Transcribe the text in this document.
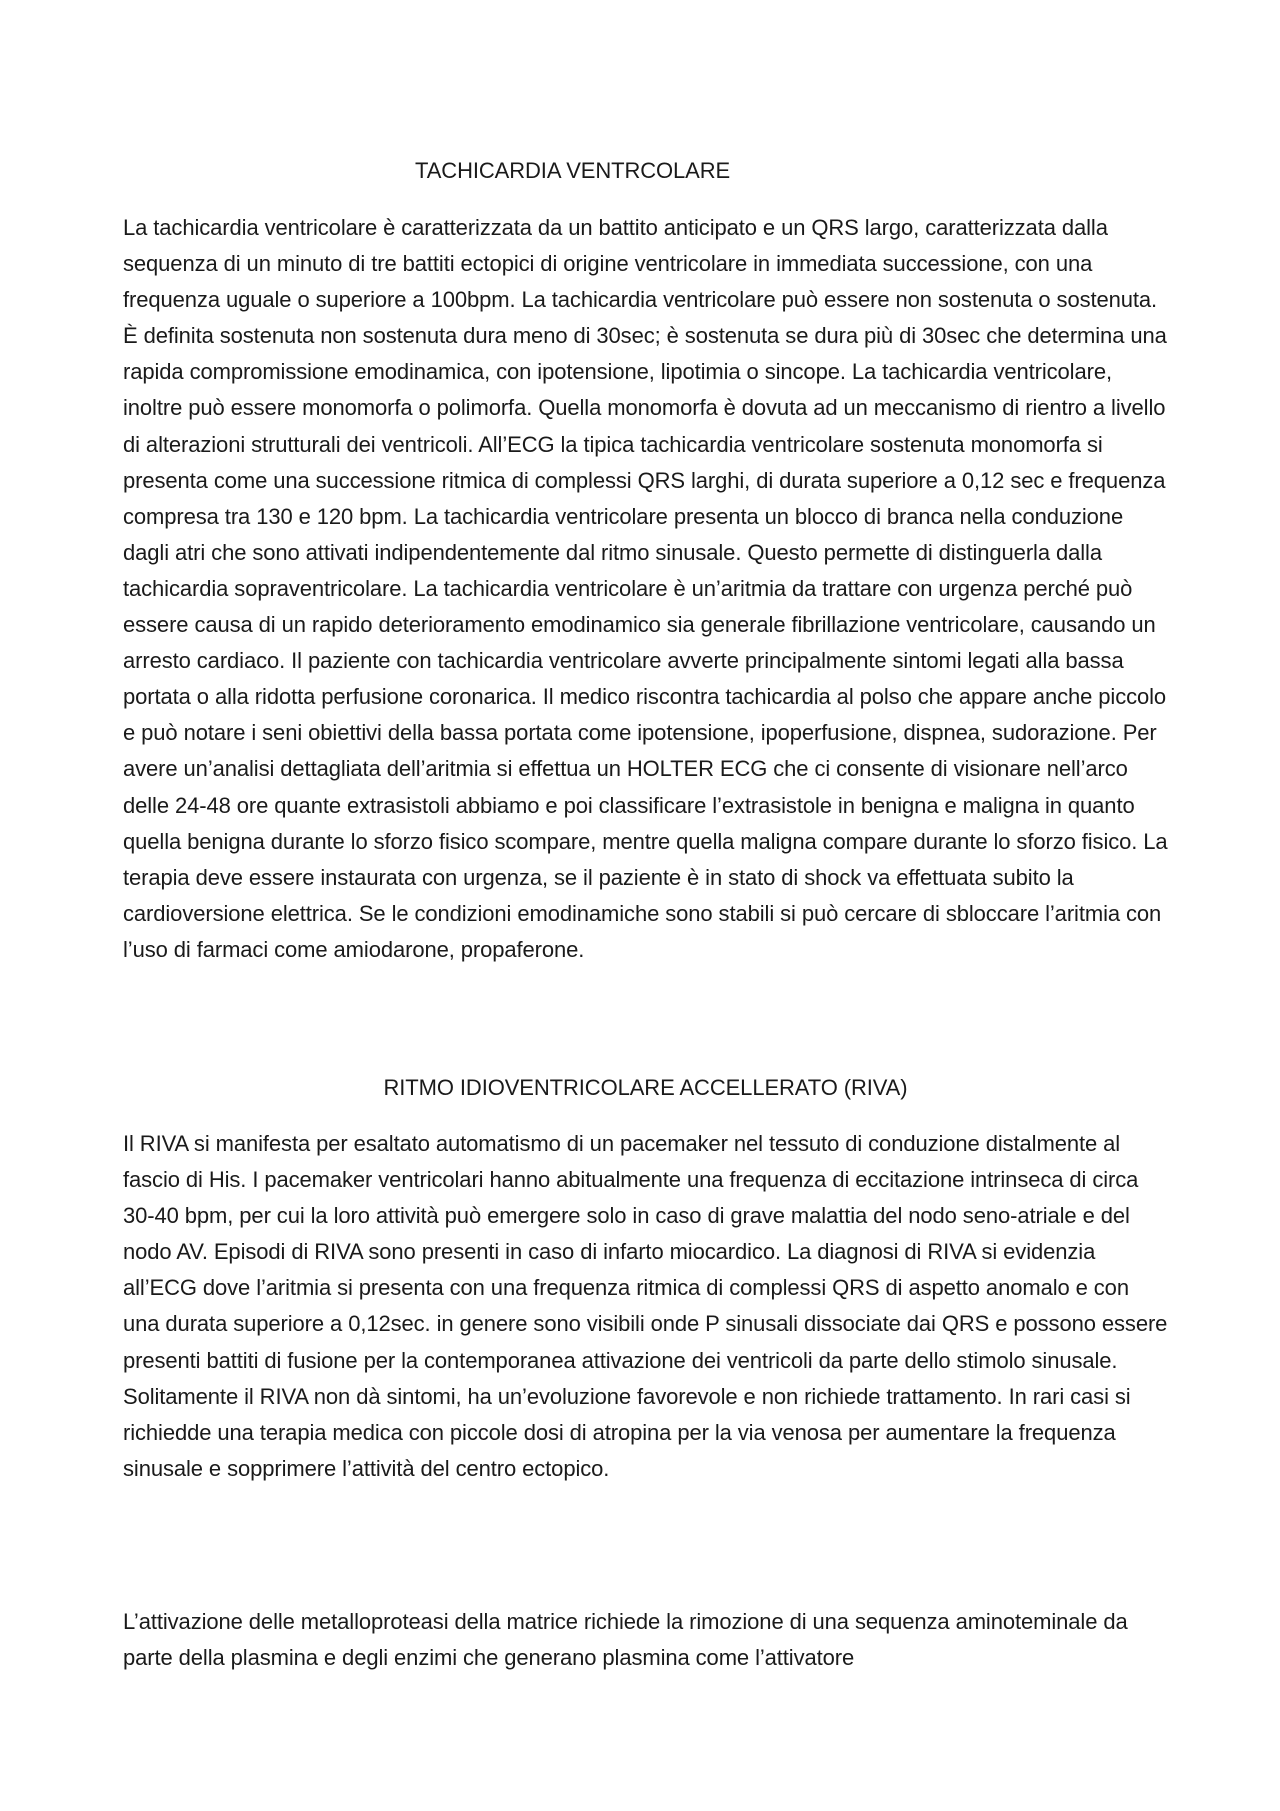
TACHICARDIA VENTRCOLARE

La tachicardia ventricolare è caratterizzata da un battito anticipato e un QRS largo, caratterizzata dalla sequenza di un minuto di tre battiti ectopici di origine ventricolare in immediata successione, con una frequenza uguale o superiore a 100bpm. La tachicardia ventricolare può essere non sostenuta o sostenuta. È definita sostenuta non sostenuta dura meno di 30sec; è sostenuta se dura più di 30sec che determina una rapida compromissione emodinamica, con ipotensione, lipotimia o sincope. La tachicardia ventricolare, inoltre può essere monomorfa o polimorfa. Quella monomorfa è dovuta ad un meccanismo di rientro a livello di alterazioni strutturali dei ventricoli. All’ECG la tipica tachicardia ventricolare sostenuta monomorfa si presenta come una successione ritmica di complessi QRS larghi, di durata superiore a 0,12 sec e frequenza compresa tra 130 e 120 bpm. La tachicardia ventricolare presenta un blocco di branca nella conduzione dagli atri che sono attivati indipendentemente dal ritmo sinusale. Questo permette di distinguerla dalla tachicardia sopraventricolare. La tachicardia ventricolare è un’aritmia da trattare con urgenza perché può essere causa di un rapido deterioramento emodinamico sia generale fibrillazione ventricolare, causando un arresto cardiaco. Il paziente con tachicardia ventricolare avverte principalmente sintomi legati alla bassa portata o alla ridotta perfusione coronarica. Il medico riscontra tachicardia al polso che appare anche piccolo e può notare i seni obiettivi della bassa portata come ipotensione, ipoperfusione, dispnea, sudorazione. Per avere un’analisi dettagliata dell’aritmia si effettua un HOLTER ECG che ci consente di visionare nell’arco delle 24-48 ore quante extrasistoli abbiamo e poi classificare l’extrasistole in benigna e maligna in quanto quella benigna durante lo sforzo fisico scompare, mentre quella maligna compare durante lo sforzo fisico. La terapia deve essere instaurata con urgenza, se il paziente è in stato di shock va effettuata subito la cardioversione elettrica. Se le condizioni emodinamiche sono stabili si può cercare di sbloccare l’aritmia con l’uso di farmaci come amiodarone, propaferone.

RITMO IDIOVENTRICOLARE ACCELLERATO (RIVA)

Il RIVA si manifesta per esaltato automatismo di un pacemaker nel tessuto di conduzione distalmente al fascio di His. I pacemaker ventricolari hanno abitualmente una frequenza di eccitazione intrinseca di circa 30-40 bpm, per cui la loro attività può emergere solo in caso di grave malattia del nodo seno-atriale e del nodo AV. Episodi di RIVA sono presenti in caso di infarto miocardico. La diagnosi di RIVA si evidenzia all’ECG dove l’aritmia si presenta con una frequenza ritmica di complessi QRS di aspetto anomalo e con una durata superiore a 0,12sec. in genere sono visibili onde P sinusali dissociate dai QRS e possono essere presenti battiti di fusione per la contemporanea attivazione dei ventricoli da parte dello stimolo sinusale. Solitamente il RIVA non dà sintomi, ha un’evoluzione favorevole e non richiede trattamento. In rari casi si richiedde una terapia medica con piccole dosi di atropina per la via venosa per aumentare la frequenza sinusale e sopprimere l’attività del centro ectopico.

L’attivazione delle metalloproteasi della matrice richiede la rimozione di una sequenza aminoteminale da parte della plasmina e degli enzimi che generano plasmina come l’attivatore
